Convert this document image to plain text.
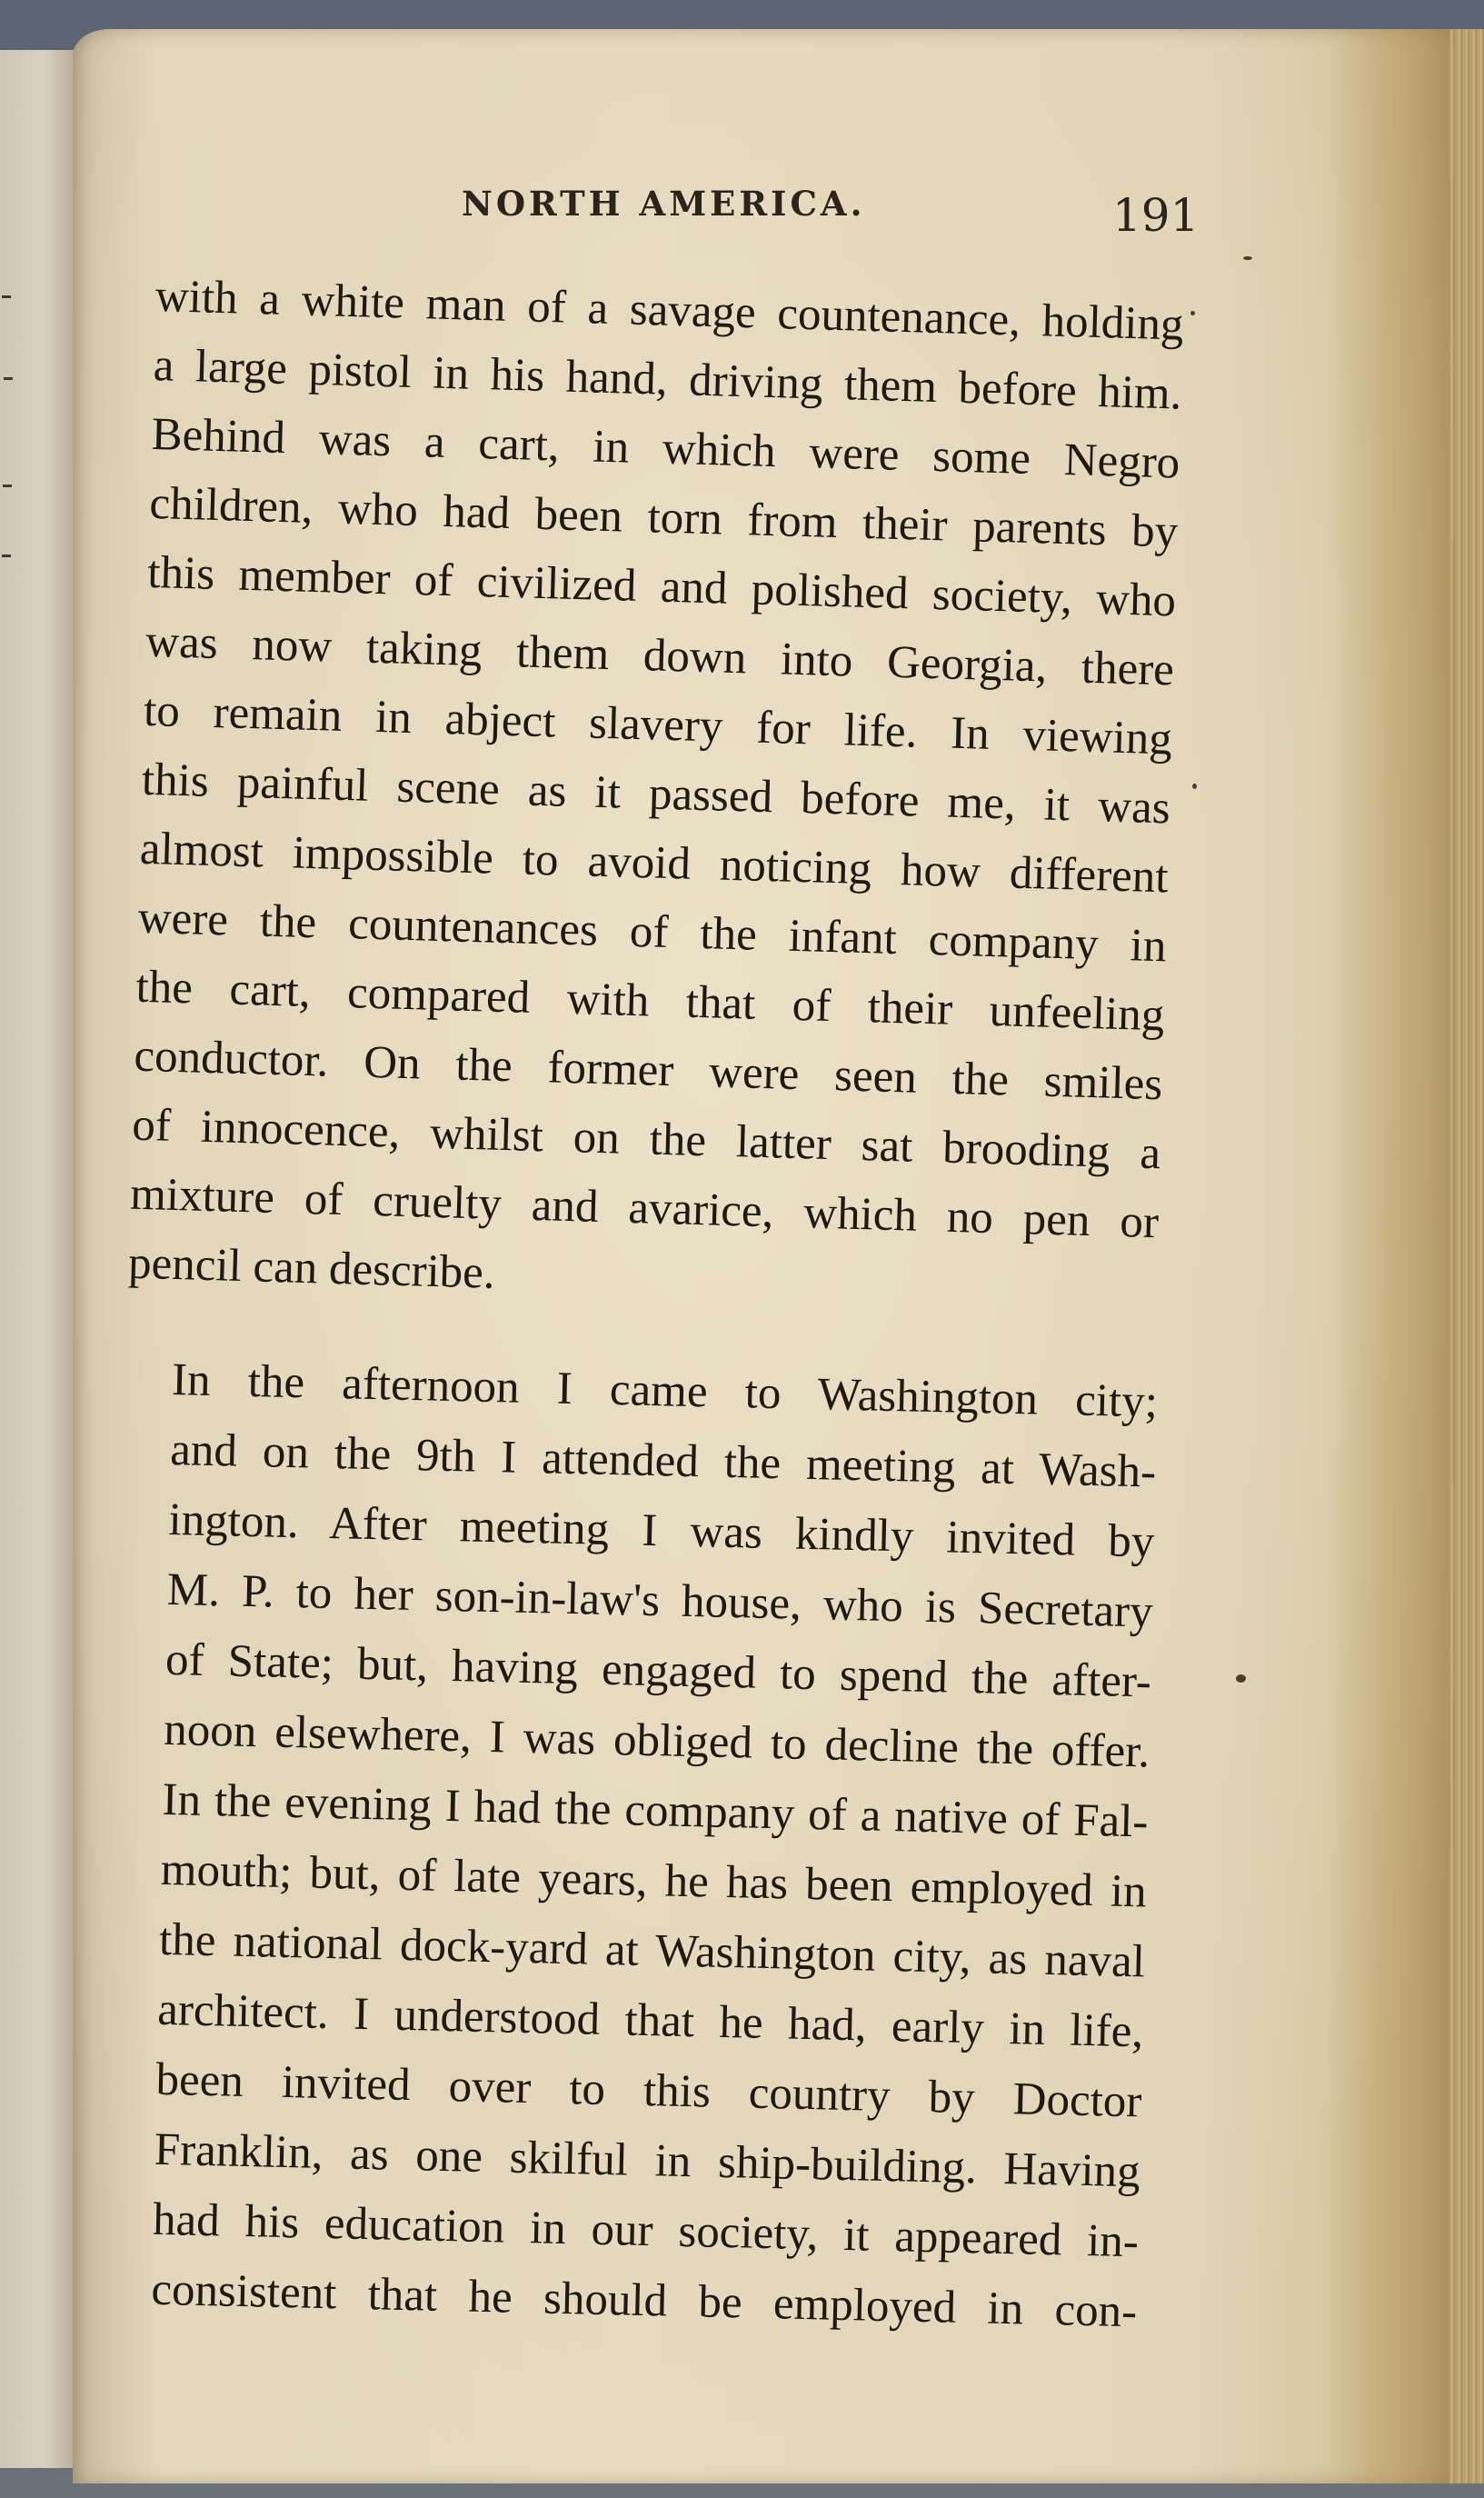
NORTH AMERICA.	191
with a white man of a savage countenance, holding
a large pistol in his hand, driving them before him.
Behind was a cart, in which were some Negro
children, who had been torn from their parents by
this member of civilized and polished society, who
was now taking them down into Georgia, there
to remain in abject slavery for life. In viewing
this painful scene as it passed before me, it was
almost impossible to avoid noticing how different
were the countenances of the infant company in
the cart, compared with that of their unfeeling
conductor. On the former were seen the smiles
of innocence, whilst on the latter sat brooding a
mixture of cruelty and avarice, which no pen or
pencil can describe.
In the afternoon I came to Washington city;
and on the 9th I attended the meeting at Wash-
ington. After meeting I was kindly invited by
M. P. to her son-in-law's house, who is Secretary
of State; but, having engaged to spend the after-
noon elsewhere, I was obliged to decline the offer.
In the evening I had the company of a native of Fal-
mouth; but, of late years, he has been employed in
the national dock-yard at Washington city, as naval
architect. I understood that he had, early in life,
been invited over to this country by Doctor
Franklin, as one skilful in ship-building. Having
had his education in our society, it appeared in-
consistent that he should be employed in con-
